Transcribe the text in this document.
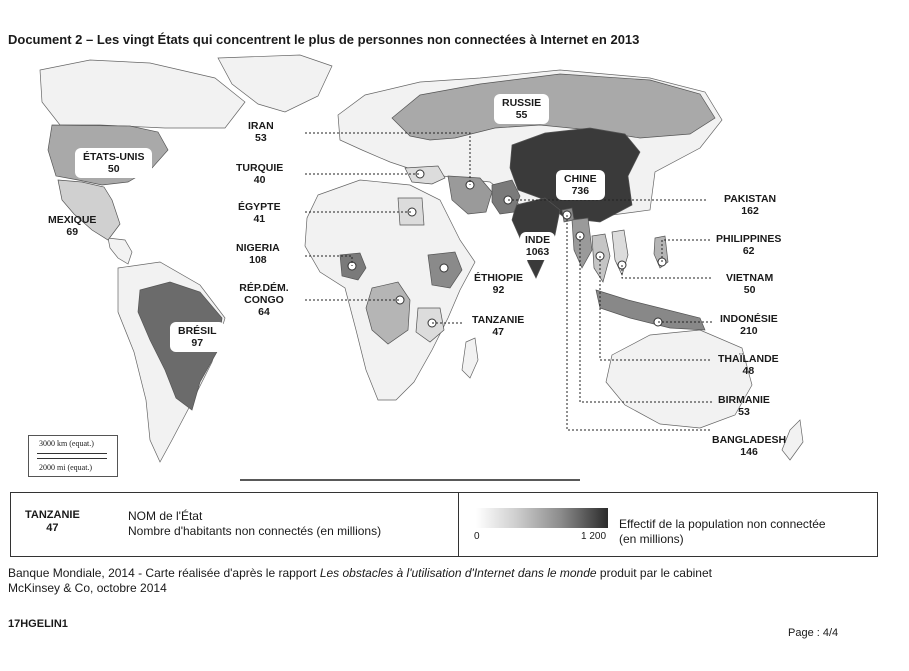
Document 2 – Les vingt États qui concentrent le plus de personnes non connectées à Internet en 2013
ÉTATS-UNIS
50
MEXIQUE
69
BRÉSIL
97
RUSSIE
55
CHINE
736
INDE
1063
IRAN
53
TURQUIE
40
ÉGYPTE
41
NIGERIA
108
RÉP.DÉM. CONGO
64
ÉTHIOPIE
92
TANZANIE
47
PAKISTAN
162
PHILIPPINES
62
VIETNAM
50
INDONÉSIE
210
THAÏLANDE
48
BIRMANIE
53
BANGLADESH
146
3000 km (equat.)
2000 mi (equat.)
TANZANIE
47
NOM de l'État
Nombre d'habitants non connectés (en millions)	0	1 200
Effectif de la population non connectée
(en millions)
Banque Mondiale, 2014 - Carte réalisée d'après le rapport Les obstacles à l'utilisation d'Internet dans le monde produit par le cabinet
McKinsey & Co, octobre 2014
17HGELIN1
Page : 4/4
